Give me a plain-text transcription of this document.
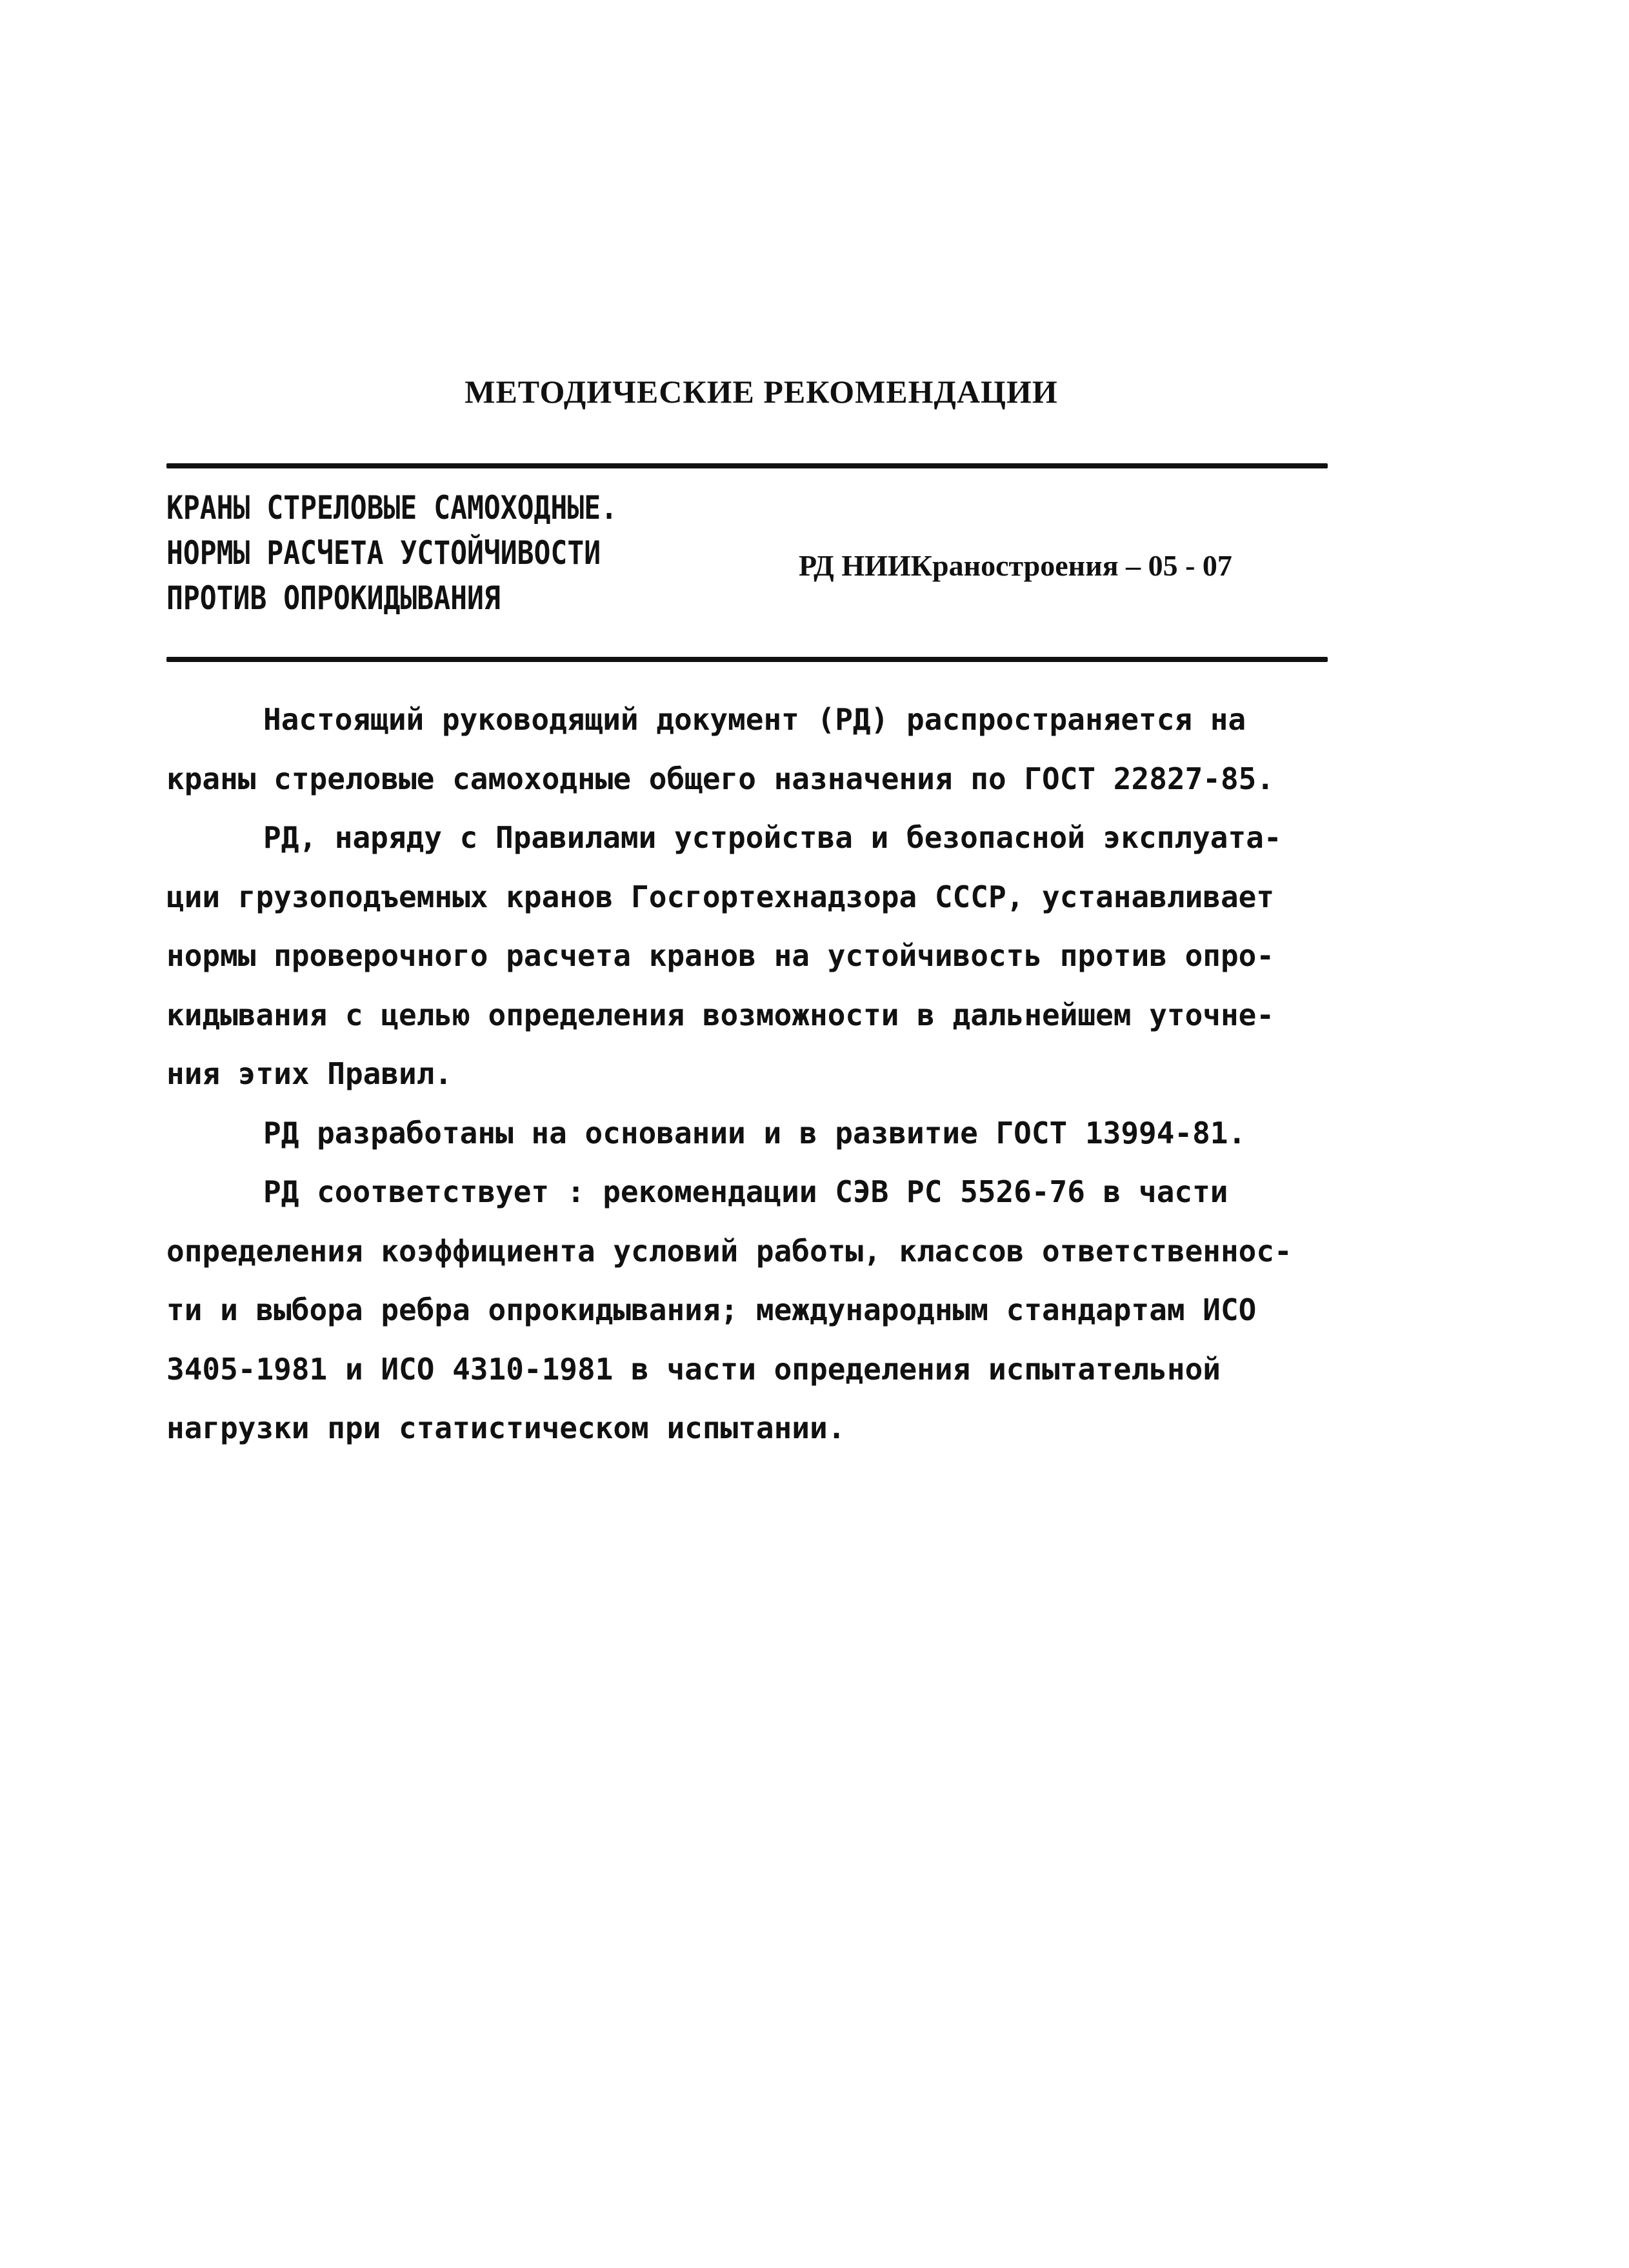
МЕТОДИЧЕСКИЕ РЕКОМЕНДАЦИИ
КРАНЫ СТРЕЛОВЫЕ САМОХОДНЫЕ.
НОРМЫ РАСЧЕТА УСТОЙЧИВОСТИ
ПРОТИВ ОПРОКИДЫВАНИЯ
РД НИИКраностроения – 05 - 07
Настоящий руководящий документ (РД) распространяется на
краны стреловые самоходные общего назначения по ГОСТ 22827-85.
РД, наряду с Правилами устройства и безопасной эксплуата-
ции грузоподъемных кранов Госгортехнадзора СССР, устанавливает
нормы проверочного расчета кранов на устойчивость против опро-
кидывания с целью определения возможности в дальнейшем уточне-
ния этих Правил.
РД разработаны на основании и в развитие ГОСТ 13994-81.
РД соответствует : рекомендации СЭВ РС 5526-76 в части
определения коэффициента условий работы, классов ответственнос-
ти и выбора ребра опрокидывания; международным стандартам ИСО
3405-1981 и ИСО 4310-1981 в части определения испытательной
нагрузки при статистическом испытании.
